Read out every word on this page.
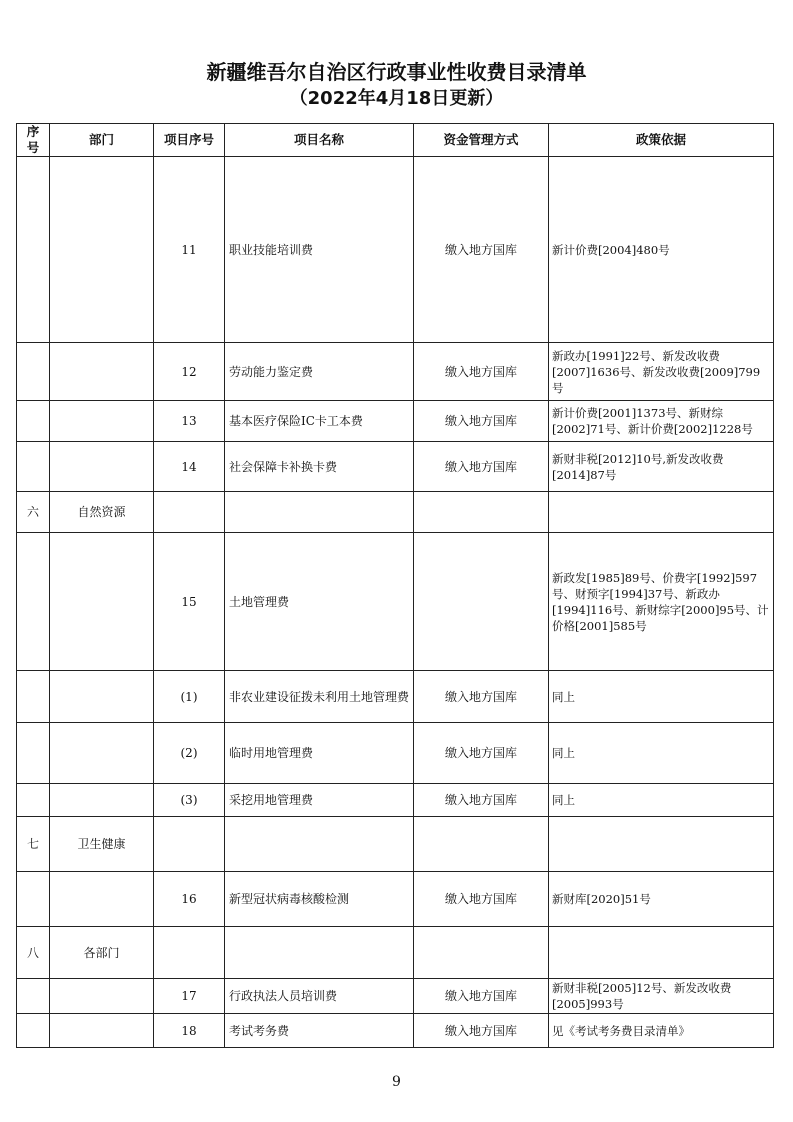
新疆维吾尔自治区行政事业性收费目录清单
（2022年4月18日更新）
序号	部门	项目序号	项目名称	资金管理方式	政策依据
		11	职业技能培训费	缴入地方国库	新计价费[2004]480号
		12	劳动能力鉴定费	缴入地方国库	新政办[1991]22号、新发改收费[2007]1636号、新发改收费[2009]799号
		13	基本医疗保险IC卡工本费	缴入地方国库	新计价费[2001]1373号、新财综[2002]71号、新计价费[2002]1228号
		14	社会保障卡补换卡费	缴入地方国库	新财非税[2012]10号,新发改收费[2014]87号
六	自然资源				
		15	土地管理费		新政发[1985]89号、价费字[1992]597号、财预字[1994]37号、新政办[1994]116号、新财综字[2000]95号、计价格[2001]585号
		(1)	非农业建设征拨未利用土地管理费	缴入地方国库	同上
		(2)	临时用地管理费	缴入地方国库	同上
		(3)	采挖用地管理费	缴入地方国库	同上
七	卫生健康				
		16	新型冠状病毒核酸检测	缴入地方国库	新财库[2020]51号
八	各部门				
		17	行政执法人员培训费	缴入地方国库	新财非税[2005]12号、新发改收费[2005]993号
		18	考试考务费	缴入地方国库	见《考试考务费目录清单》
9
